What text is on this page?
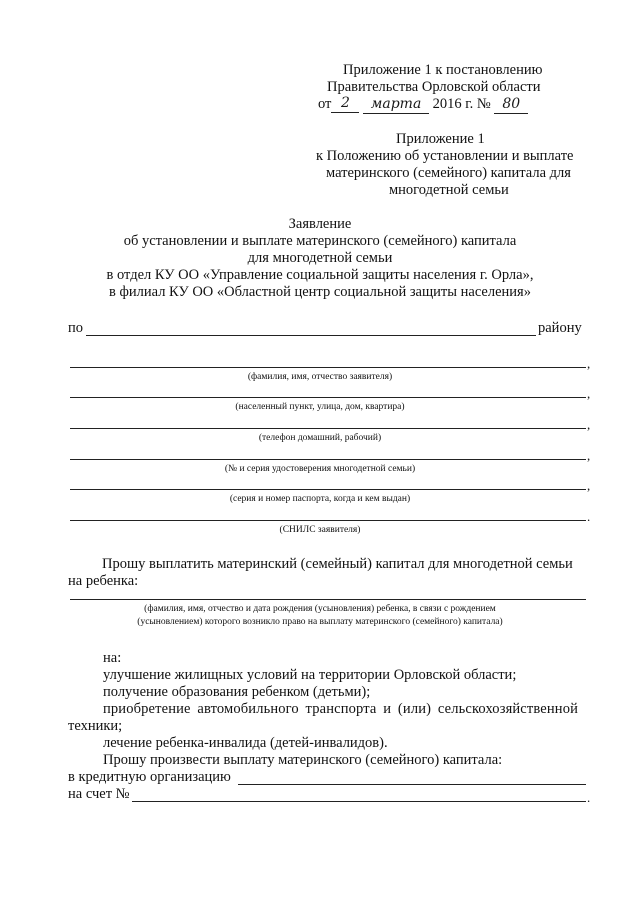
Приложение 1 к постановлению
Правительства Орловской области
от 2 марта 2016 г. № 80
Приложение 1
к Положению об установлении и выплате
материнского (семейного) капитала для
многодетной семьи
Заявление
об установлении и выплате материнского (семейного) капитала
для многодетной семьи
в отдел КУ ОО «Управление социальной защиты населения г. Орла»,
в филиал КУ ОО «Областной центр социальной защиты населения»
по	району
,
(фамилия, имя, отчество заявителя)
,
(населенный пункт, улица, дом, квартира)
,
(телефон домашний, рабочий)
,
(№ и серия удостоверения многодетной семьи)
,
(серия и номер паспорта, когда и кем выдан)
.
(СНИЛС заявителя)
Прошу выплатить материнский (семейный) капитал для многодетной семьи
на ребенка:
(фамилия, имя, отчество и дата рождения (усыновления) ребенка, в связи с рождением
(усыновлением) которого возникло право на выплату материнского (семейного) капитала)
на:
улучшение жилищных условий на территории Орловской области;
получение образования ребенком (детьми);
приобретение автомобильного транспорта и (или) сельскохозяйственной
техники;
лечение ребенка-инвалида (детей-инвалидов).
Прошу произвести выплату материнского (семейного) капитала:
в кредитную организацию
на счет №	.
